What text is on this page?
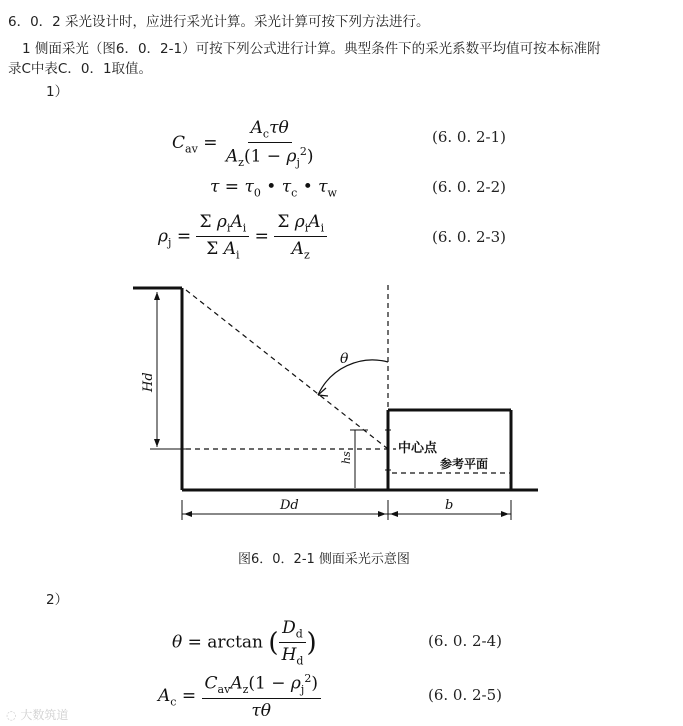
6．0．2 采光设计时，应进行采光计算。采光计算可按下列方法进行。
1 侧面采光（图6．0．2-1）可按下列公式进行计算。典型条件下的采光系数平均值可按本标准附
录C中表C．0．1取值。
1）
$C_{av} = \frac{A_c\tau\theta}{A_z(1 - \rho_j^2)}$	(6. 0. 2-1)
$\tau = \tau_0$ • $\tau_c$ • $\tau_w$	(6. 0. 2-2)
$\rho_j = \frac{\Sigma \rho_iA_i}{\Sigma A_i} = \frac{\Sigma \rho_iA_i}{A_z}$	(6. 0. 2-3)
θ
Hd
hs
中心点
参考平面
Dd	b
图6．0．2-1 侧面采光示意图
2）
θ = arctan ( $\frac{D_d}{H_d}$ )	(6. 0. 2-4)
$A_c = \frac{C_{av}A_z(1 - \rho_j^2)}{\tau\theta}$	(6. 0. 2-5)
◌ 大数筑道
